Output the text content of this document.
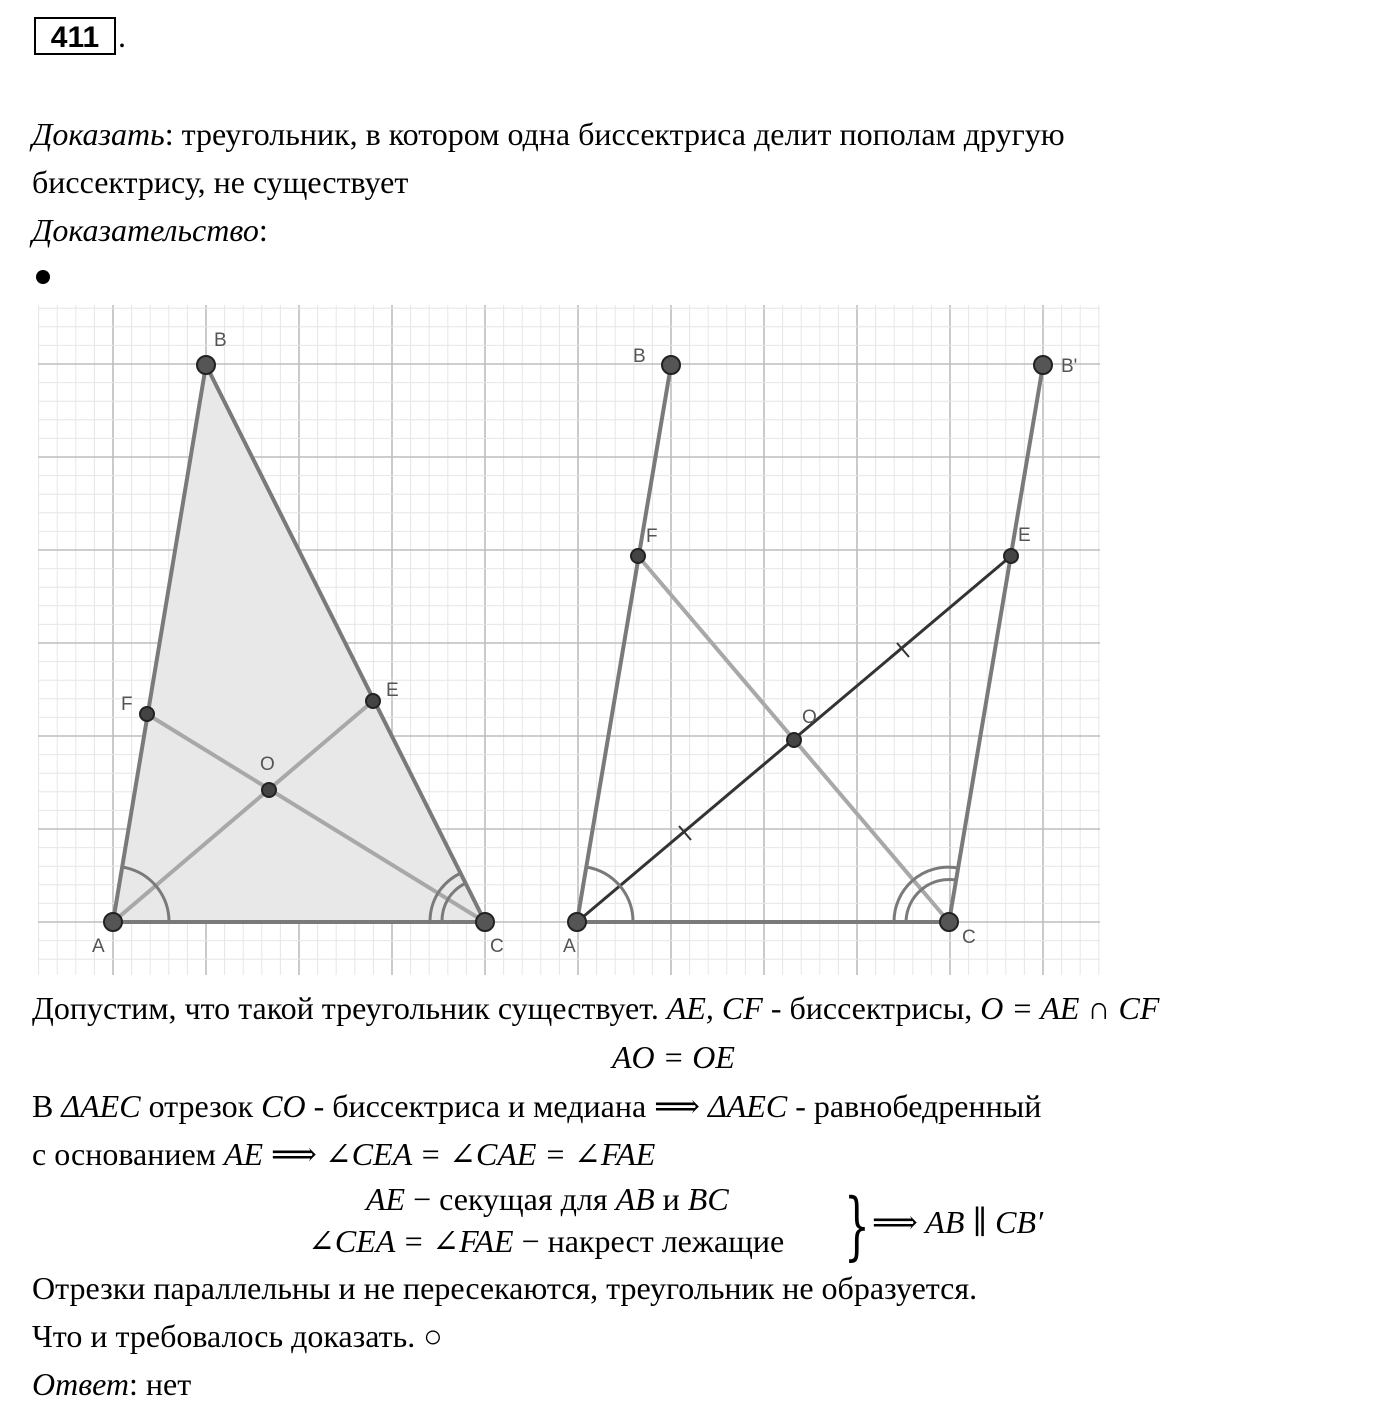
411 .
Доказать: треугольник, в котором одна биссектриса делит пополам другую
биссектрису, не существует
Доказательство:
A
B
C
E
F
O
A
B	B'
C
E
F
O
Допустим, что такой треугольник существует. AE, CF - биссектрисы, O = AE ∩ CF
AO = OE
В ΔAEC отрезок CO - биссектриса и медиана ⟹ ΔAEC - равнобедренный
с основанием AE ⟹ ∠CEA = ∠CAE = ∠FAE
AE − секущая для AB и BC
∠CEA = ∠FAE − накрест лежащие } ⟹ AB ∥ CB′
Отрезки параллельны и не пересекаются, треугольник не образуется.
Что и требовалось доказать. ○
Ответ: нет
